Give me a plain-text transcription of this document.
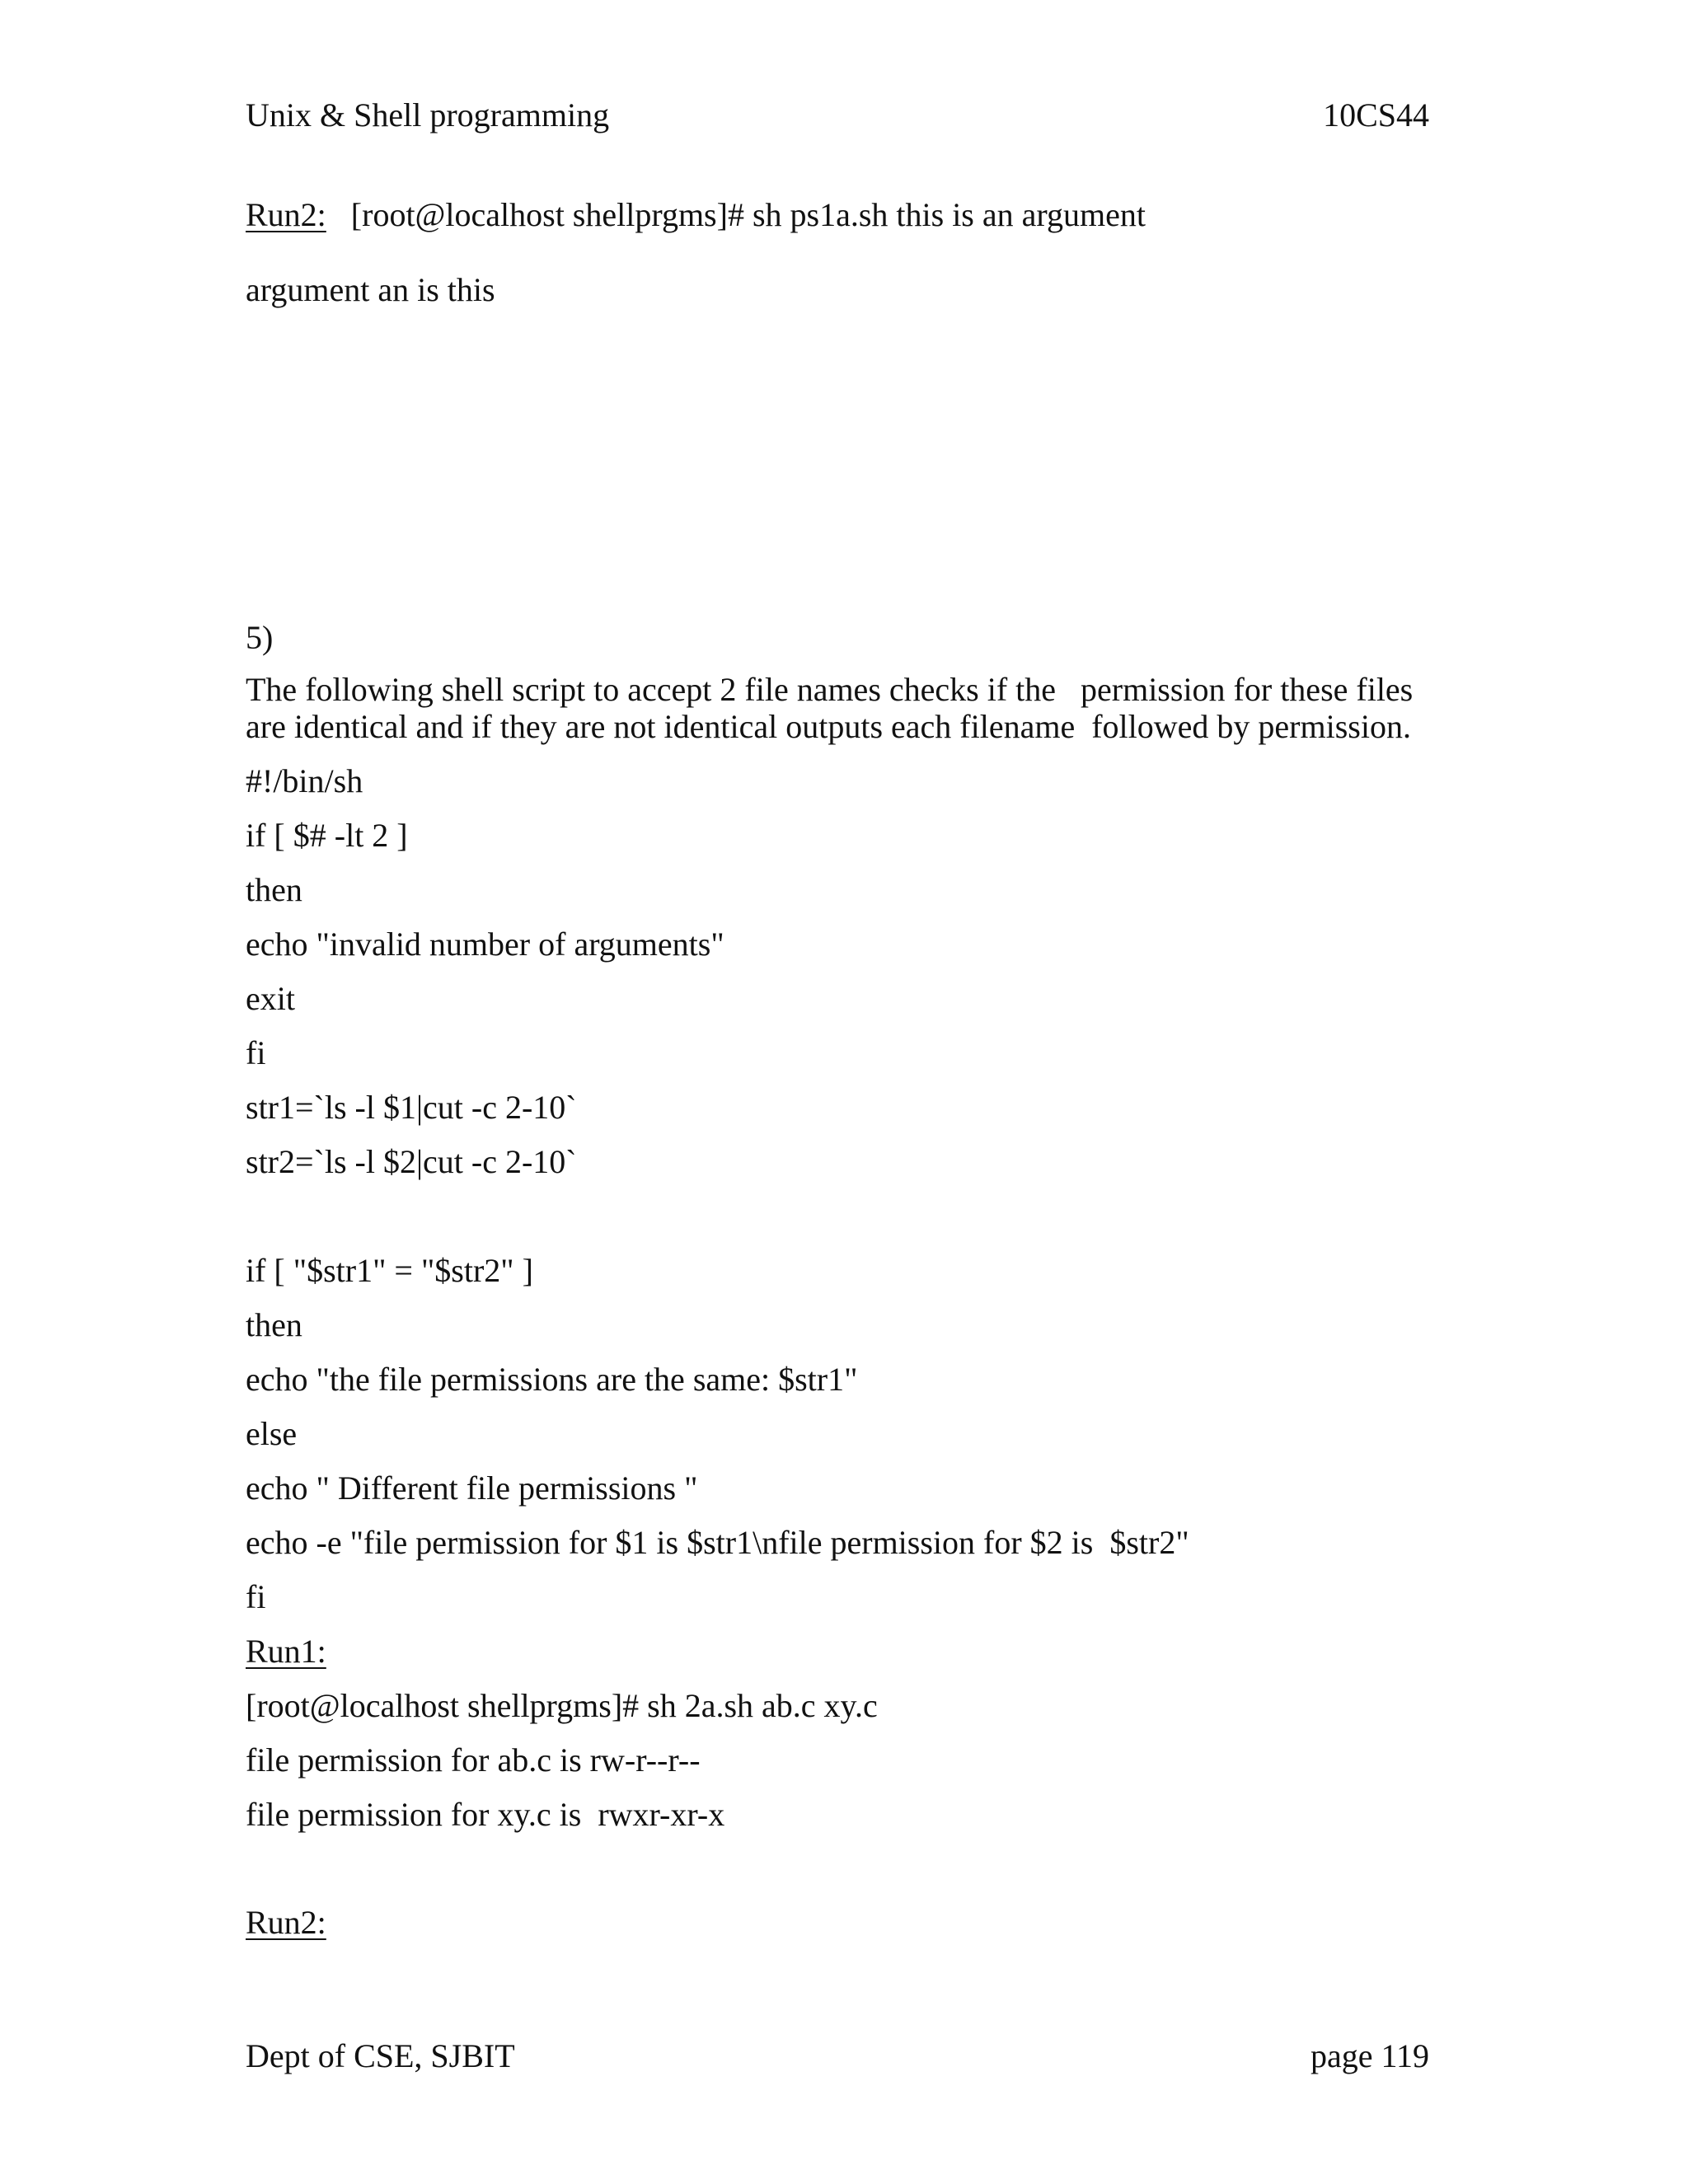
Unix & Shell programming	10CS44
Run2: [root@localhost shellprgms]# sh ps1a.sh this is an argument
argument an is this
5)
The following shell script to accept 2 file names checks if the   permission for these files
are identical and if they are not identical outputs each filename  followed by permission.
#!/bin/sh
if [ $# -lt 2 ]
then
echo "invalid number of arguments"
exit
fi
str1=`ls -l $1|cut -c 2-10`
str2=`ls -l $2|cut -c 2-10`
if [ "$str1" = "$str2" ]
then
echo "the file permissions are the same: $str1"
else
echo " Different file permissions "
echo -e "file permission for $1 is $str1\nfile permission for $2 is  $str2"
fi
Run1:
[root@localhost shellprgms]# sh 2a.sh ab.c xy.c
file permission for ab.c is rw-r--r--
file permission for xy.c is  rwxr-xr-x
Run2:
Dept of CSE, SJBIT	page 119
